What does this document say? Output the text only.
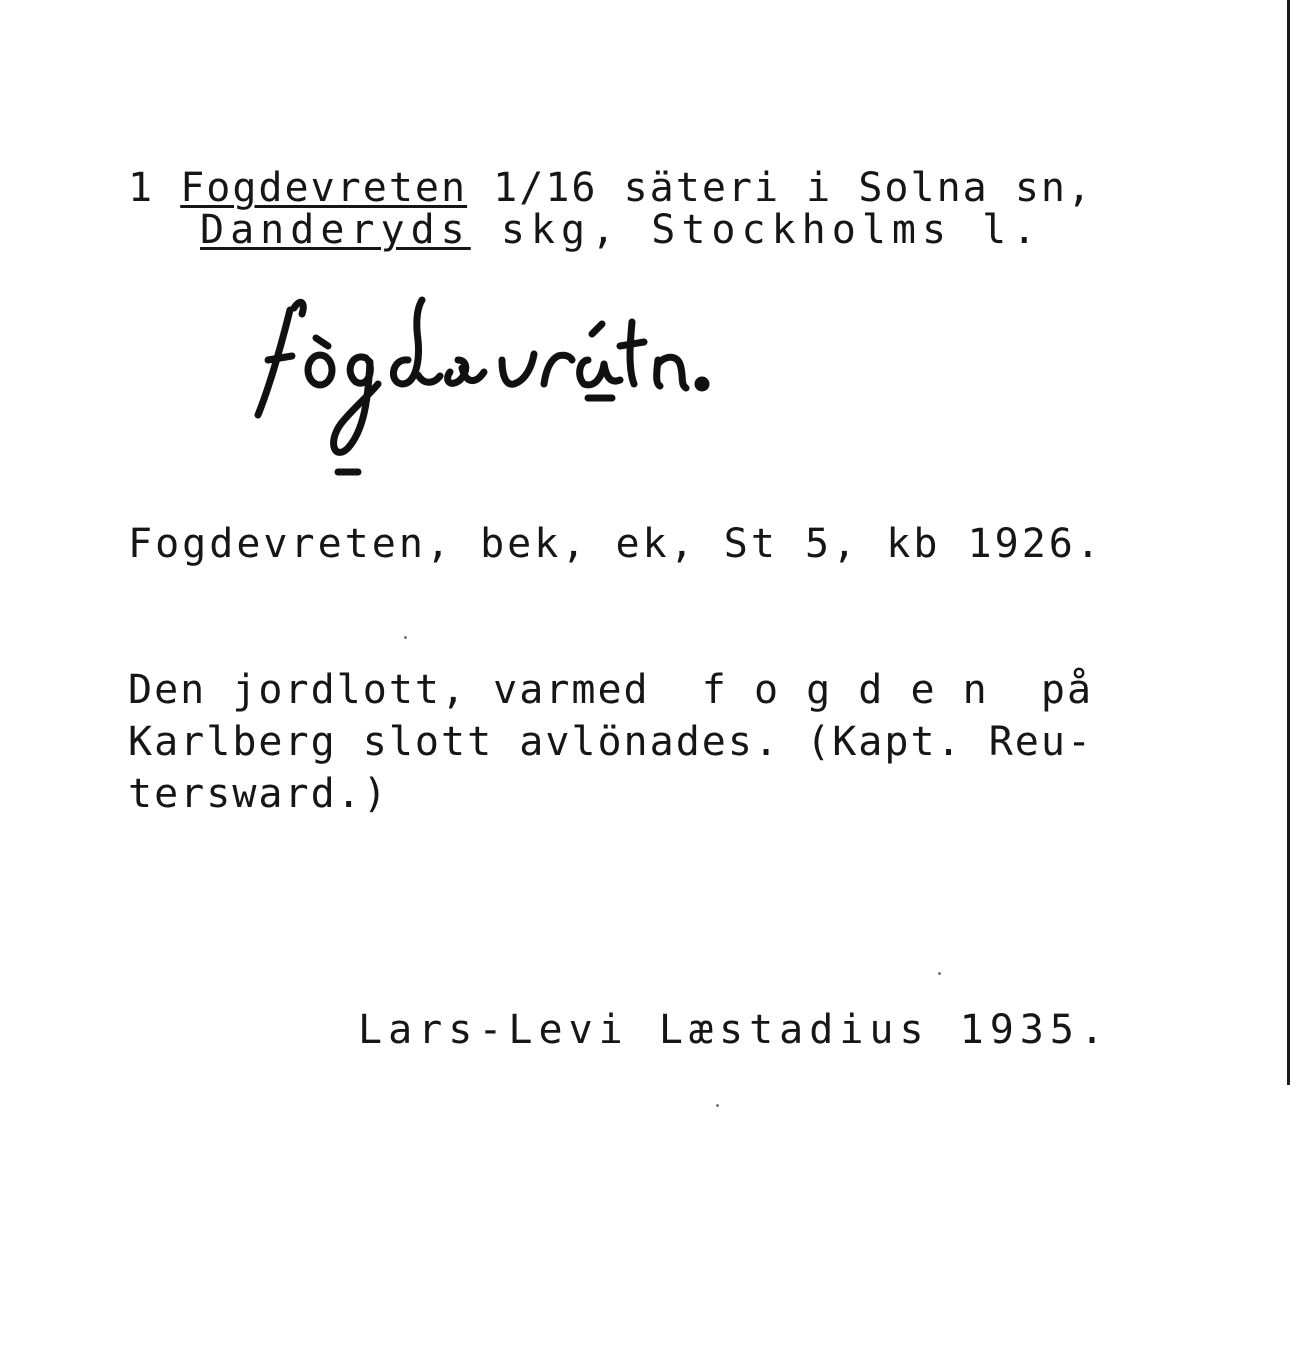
1 Fogdevreten 1/16 säteri i Solna sn,
Danderyds skg, Stockholms l.
Fogdevreten, bek, ek, St 5, kb 1926.
Den jordlott, varmed  f o g d e n  på
Karlberg slott avlönades. (Kapt. Reu-
tersward.)
Lars-Levi Læstadius 1935.
